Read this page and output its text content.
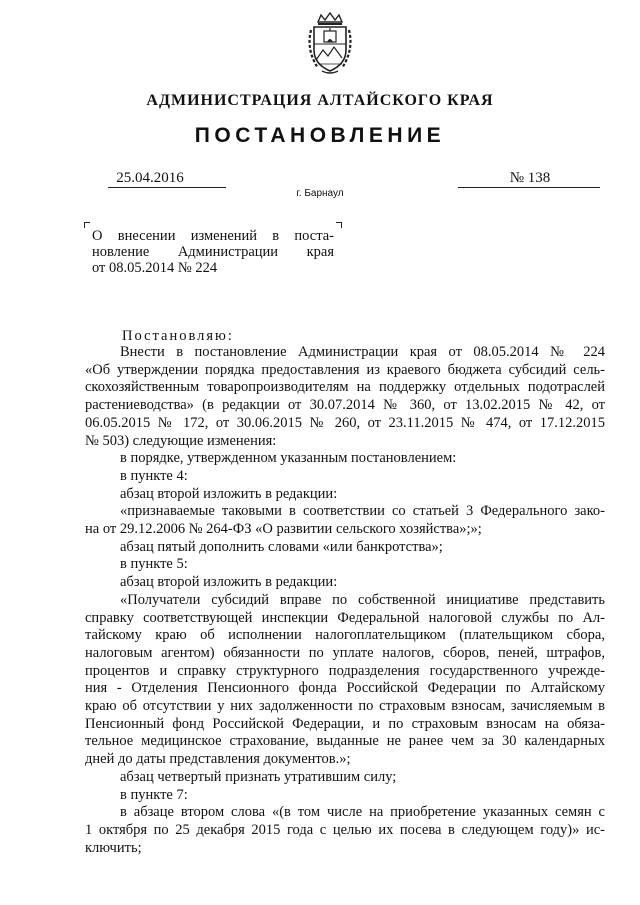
АДМИНИСТРАЦИЯ АЛТАЙСКОГО КРАЯ
ПОСТАНОВЛЕНИЕ
25.04.2016	№ 138
г. Барнаул
О внесении изменений в поста-
новление Администрации края
от 08.05.2014 № 224
Постановляю:

Внести в постановление Администрации края от 08.05.2014 № 224

«Об утверждении порядка предоставления из краевого бюджета субсидий сель-

скохозяйственным товаропроизводителям на поддержку отдельных подотраслей

растениеводства» (в редакции от 30.07.2014 № 360, от 13.02.2015 № 42, от

06.05.2015 № 172, от 30.06.2015 № 260, от 23.11.2015 № 474, от 17.12.2015

№ 503) следующие изменения:

в порядке, утвержденном указанным постановлением:

в пункте 4:

абзац второй изложить в редакции:

«признаваемые таковыми в соответствии со статьей 3 Федерального зако-

на от 29.12.2006 № 264-ФЗ «О развитии сельского хозяйства»;»;

абзац пятый дополнить словами «или банкротства»;

в пункте 5:

абзац второй изложить в редакции:

«Получатели субсидий вправе по собственной инициативе представить

справку соответствующей инспекции Федеральной налоговой службы по Ал-

тайскому краю об исполнении налогоплательщиком (плательщиком сбора,

налоговым агентом) обязанности по уплате налогов, сборов, пеней, штрафов,

процентов и справку структурного подразделения государственного учрежде-

ния - Отделения Пенсионного фонда Российской Федерации по Алтайскому

краю об отсутствии у них задолженности по страховым взносам, зачисляемым в

Пенсионный фонд Российской Федерации, и по страховым взносам на обяза-

тельное медицинское страхование, выданные не ранее чем за 30 календарных

дней до даты представления документов.»;

абзац четвертый признать утратившим силу;

в пункте 7:

в абзаце втором слова «(в том числе на приобретение указанных семян с

1 октября по 25 декабря 2015 года с целью их посева в следующем году)» ис-

ключить;
